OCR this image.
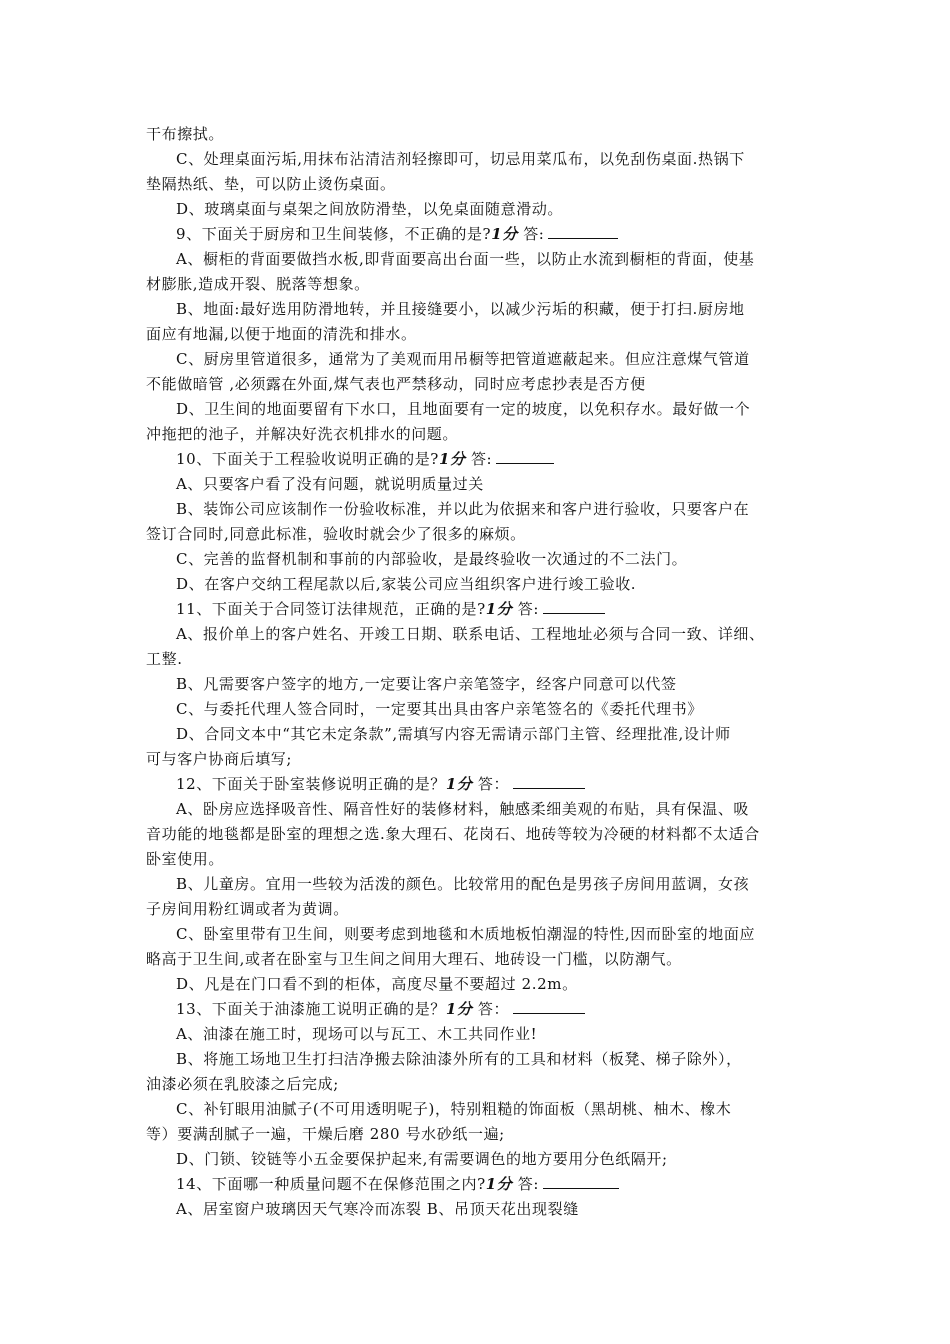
干布擦拭。
C、处理桌面污垢,用抹布沾清洁剂轻擦即可，切忌用菜瓜布，以免刮伤桌面.热锅下
垫隔热纸、垫，可以防止烫伤桌面。
D、玻璃桌面与桌架之间放防滑垫，以免桌面随意滑动。
9、下面关于厨房和卫生间装修，不正确的是?1分 答:
A、橱柜的背面要做挡水板,即背面要高出台面一些，以防止水流到橱柜的背面，使基
材膨胀,造成开裂、脱落等想象。
B、地面:最好选用防滑地转，并且接缝要小，以减少污垢的积藏，便于打扫.厨房地
面应有地漏,以便于地面的清洗和排水。
C、厨房里管道很多，通常为了美观而用吊橱等把管道遮蔽起来。但应注意煤气管道
不能做暗管 ,必须露在外面,煤气表也严禁移动，同时应考虑抄表是否方便
D、卫生间的地面要留有下水口，且地面要有一定的坡度，以免积存水。最好做一个
冲拖把的池子，并解决好洗衣机排水的问题。
10、下面关于工程验收说明正确的是?1分 答:
A、只要客户看了没有问题，就说明质量过关
B、装饰公司应该制作一份验收标准，并以此为依据来和客户进行验收，只要客户在
签订合同时,同意此标准，验收时就会少了很多的麻烦。
C、完善的监督机制和事前的内部验收，是最终验收一次通过的不二法门。
D、在客户交纳工程尾款以后,家装公司应当组织客户进行竣工验收.
11、下面关于合同签订法律规范，正确的是?1分 答:
A、报价单上的客户姓名、开竣工日期、联系电话、工程地址必须与合同一致、详细、
工整.
B、凡需要客户签字的地方,一定要让客户亲笔签字，经客户同意可以代签
C、与委托代理人签合同时，一定要其出具由客户亲笔签名的《委托代理书》
D、合同文本中“其它未定条款”,需填写内容无需请示部门主管、经理批准,设计师
可与客户协商后填写;
12、下面关于卧室装修说明正确的是？1分 答：
A、卧房应选择吸音性、隔音性好的装修材料，触感柔细美观的布贴，具有保温、吸
音功能的地毯都是卧室的理想之选.象大理石、花岗石、地砖等较为冷硬的材料都不太适合
卧室使用。
B、儿童房。宜用一些较为活泼的颜色。比较常用的配色是男孩子房间用蓝调，女孩
子房间用粉红调或者为黄调。
C、卧室里带有卫生间，则要考虑到地毯和木质地板怕潮湿的特性,因而卧室的地面应
略高于卫生间,或者在卧室与卫生间之间用大理石、地砖设一门槛，以防潮气。
D、凡是在门口看不到的柜体，高度尽量不要超过 2.2m。
13、下面关于油漆施工说明正确的是？1分 答：
A、油漆在施工时，现场可以与瓦工、木工共同作业!
B、将施工场地卫生打扫洁净搬去除油漆外所有的工具和材料（板凳、梯子除外），
油漆必须在乳胶漆之后完成;
C、补钉眼用油腻子(不可用透明呢子)，特别粗糙的饰面板（黑胡桃、柚木、橡木
等）要满刮腻子一遍，干燥后磨 280 号水砂纸一遍;
D、门锁、铰链等小五金要保护起来,有需要调色的地方要用分色纸隔开;
14、下面哪一种质量问题不在保修范围之内?1分 答:
A、居室窗户玻璃因天气寒冷而冻裂 B、吊顶天花出现裂缝
